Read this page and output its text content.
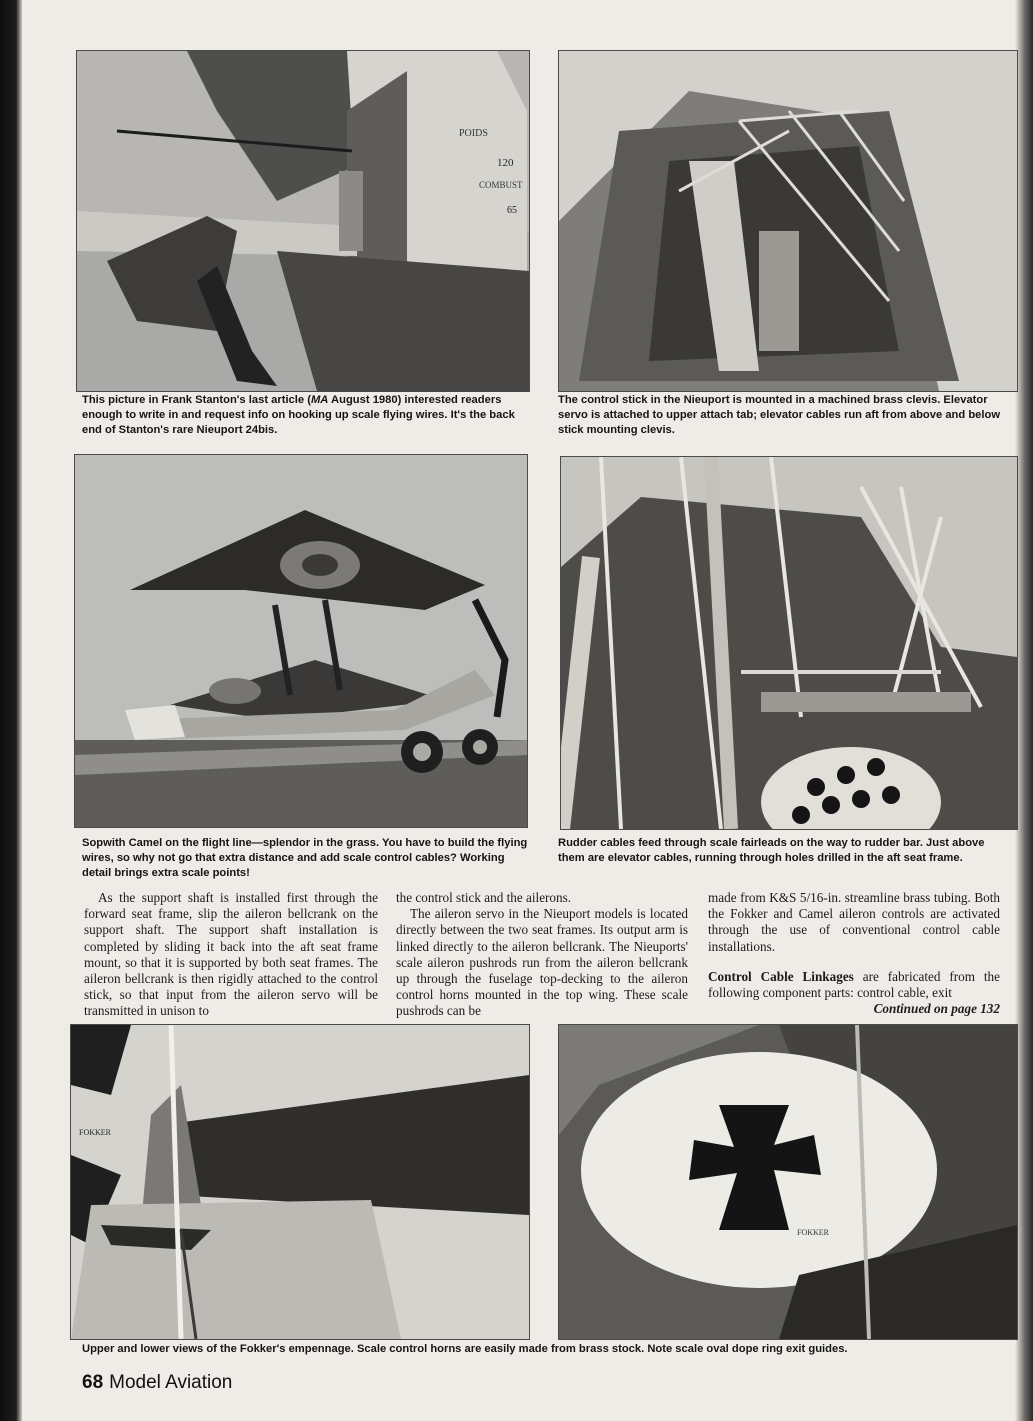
POIDS
120
COMBUST
65

This picture in Frank Stanton's last article (MA August 1980) interested readers enough to write in and request info on hooking up scale flying wires. It's the back end of Stanton's rare Nieuport 24bis.

The control stick in the Nieuport is mounted in a machined brass clevis. Elevator servo is attached to upper attach tab; elevator cables run aft from above and below stick mounting clevis.

Sopwith Camel on the flight line—splendor in the grass. You have to build the flying wires, so why not go that extra distance and add scale control cables? Working detail brings extra scale points!

Rudder cables feed through scale fairleads on the way to rudder bar. Just above them are elevator cables, running through holes drilled in the aft seat frame.

As the support shaft is installed first through the forward seat frame, slip the aileron bellcrank on the support shaft. The support shaft installation is completed by sliding it back into the aft seat frame mount, so that it is supported by both seat frames. The aileron bellcrank is then rigidly attached to the control stick, so that input from the aileron servo will be transmitted in unison to

the control stick and the ailerons.

The aileron servo in the Nieuport models is located directly between the two seat frames. Its output arm is linked directly to the aileron bellcrank. The Nieuports' scale aileron pushrods run from the aileron bellcrank up through the fuselage top-decking to the aileron control horns mounted in the top wing. These scale pushrods can be

made from K&S 5/16-in. streamline brass tubing. Both the Fokker and Camel aileron controls are activated through the use of conventional control cable installations.

Control Cable Linkages are fabricated from the following component parts: control cable, exit

Continued on page 132
FOKKER
FOKKER

Upper and lower views of the Fokker's empennage. Scale control horns are easily made from brass stock. Note scale oval dope ring exit guides.

68 Model Aviation
